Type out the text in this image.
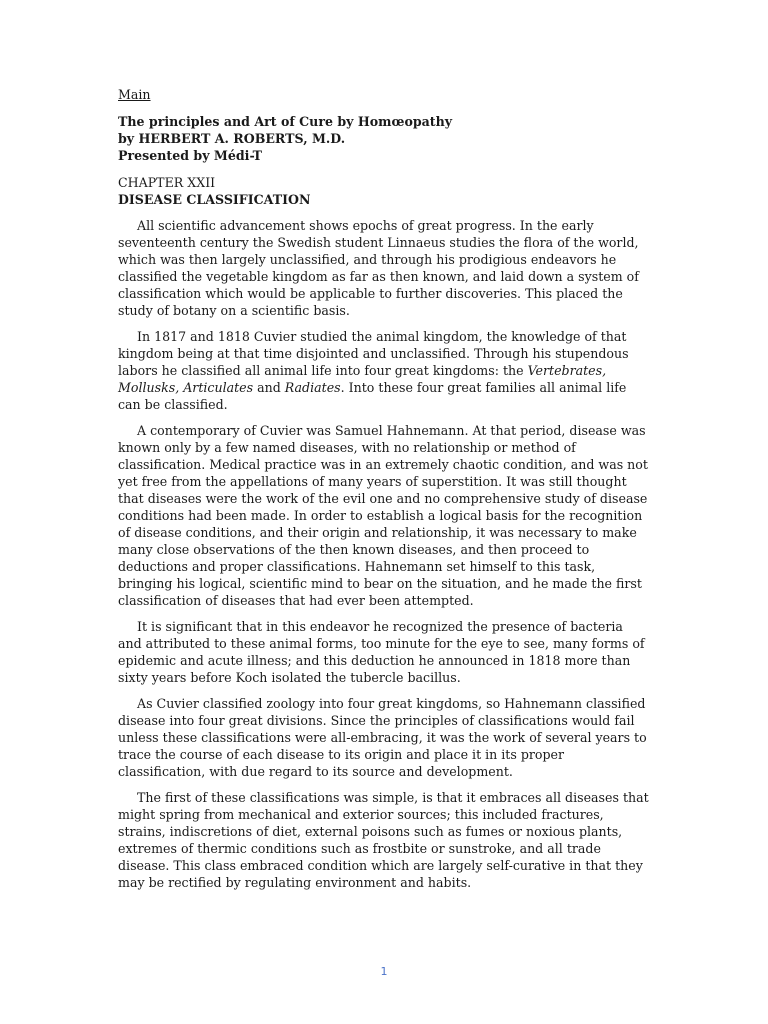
Main
The principles and Art of Cure by Homœopathy
by HERBERT A. ROBERTS, M.D.
Presented by Médi-T
CHAPTER XXII
DISEASE CLASSIFICATION

All scientific advancement shows epochs of great progress. In the early seventeenth century the Swedish student Linnaeus studies the flora of the world, which was then largely unclassified, and through his prodigious endeavors he classified the vegetable kingdom as far as then known, and laid down a system of classification which would be applicable to further discoveries. This placed the study of botany on a scientific basis.

In 1817 and 1818 Cuvier studied the animal kingdom, the knowledge of that kingdom being at that time disjointed and unclassified. Through his stupendous labors he classified all animal life into four great kingdoms: the Vertebrates, Mollusks, Articulates and Radiates. Into these four great families all animal life can be classified.

A contemporary of Cuvier was Samuel Hahnemann. At that period, disease was known only by a few named diseases, with no relationship or method of classification. Medical practice was in an extremely chaotic condition, and was not yet free from the appellations of many years of superstition. It was still thought that diseases were the work of the evil one and no comprehensive study of disease conditions had been made. In order to establish a logical basis for the recognition of disease conditions, and their origin and relationship, it was necessary to make many close observations of the then known diseases, and then proceed to deductions and proper classifications. Hahnemann set himself to this task, bringing his logical, scientific mind to bear on the situation, and he made the first classification of diseases that had ever been attempted.

It is significant that in this endeavor he recognized the presence of bacteria and attributed to these animal forms, too minute for the eye to see, many forms of epidemic and acute illness; and this deduction he announced in 1818 more than sixty years before Koch isolated the tubercle bacillus.

As Cuvier classified zoology into four great kingdoms, so Hahnemann classified disease into four great divisions. Since the principles of classifications would fail unless these classifications were all-embracing, it was the work of several years to trace the course of each disease to its origin and place it in its proper classification, with due regard to its source and development.

The first of these classifications was simple, is that it embraces all diseases that might spring from mechanical and exterior sources; this included fractures, strains, indiscretions of diet, external poisons such as fumes or noxious plants, extremes of thermic conditions such as frostbite or sunstroke, and all trade disease. This class embraced condition which are largely self-curative in that they may be rectified by regulating environment and habits.

1
